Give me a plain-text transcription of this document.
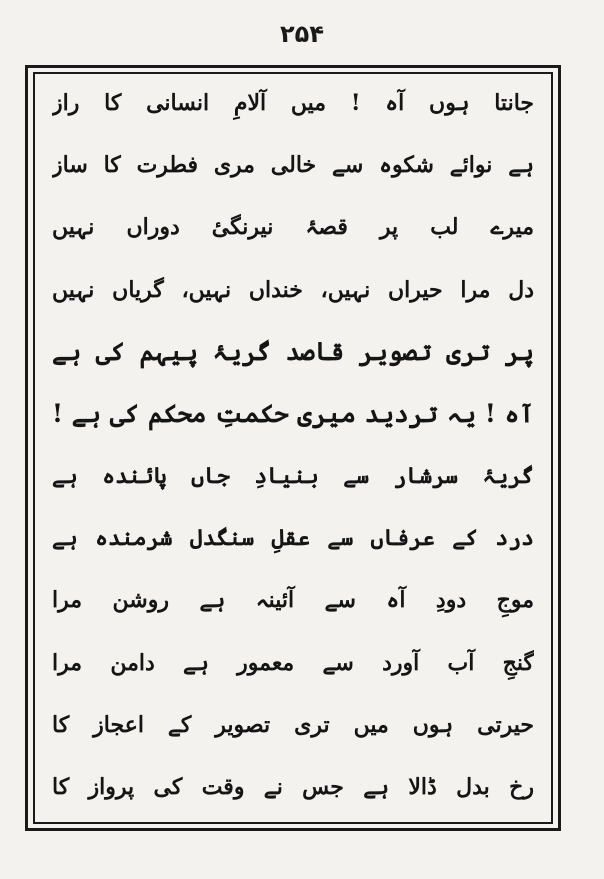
۲۵۴
جانتا ہوں آہ ! میں آلامِ انسانی کا راز
ہے نوائے شکوہ سے خالی مری فطرت کا ساز
میرے لب پر قصۂ نیرنگیٔ دوراں نہیں
دل مرا حیراں نہیں، خنداں نہیں، گریاں نہیں
پر تری تصویر قاصد گریۂ پیہم کی ہے
آہ ! یہ تردید میری حکمتِ محکم کی ہے !
گریۂ سرشار سے بنیادِ جاں پائندہ ہے
درد کے عرفاں سے عقلِ سنگدل شرمندہ ہے
موجِ دودِ آہ سے آئینہ ہے روشن مرا
گنجِ آب آورد سے معمور ہے دامن مرا
حیرتی ہوں میں تری تصویر کے اعجاز کا
رخ بدل ڈالا ہے جس نے وقت کی پرواز کا
